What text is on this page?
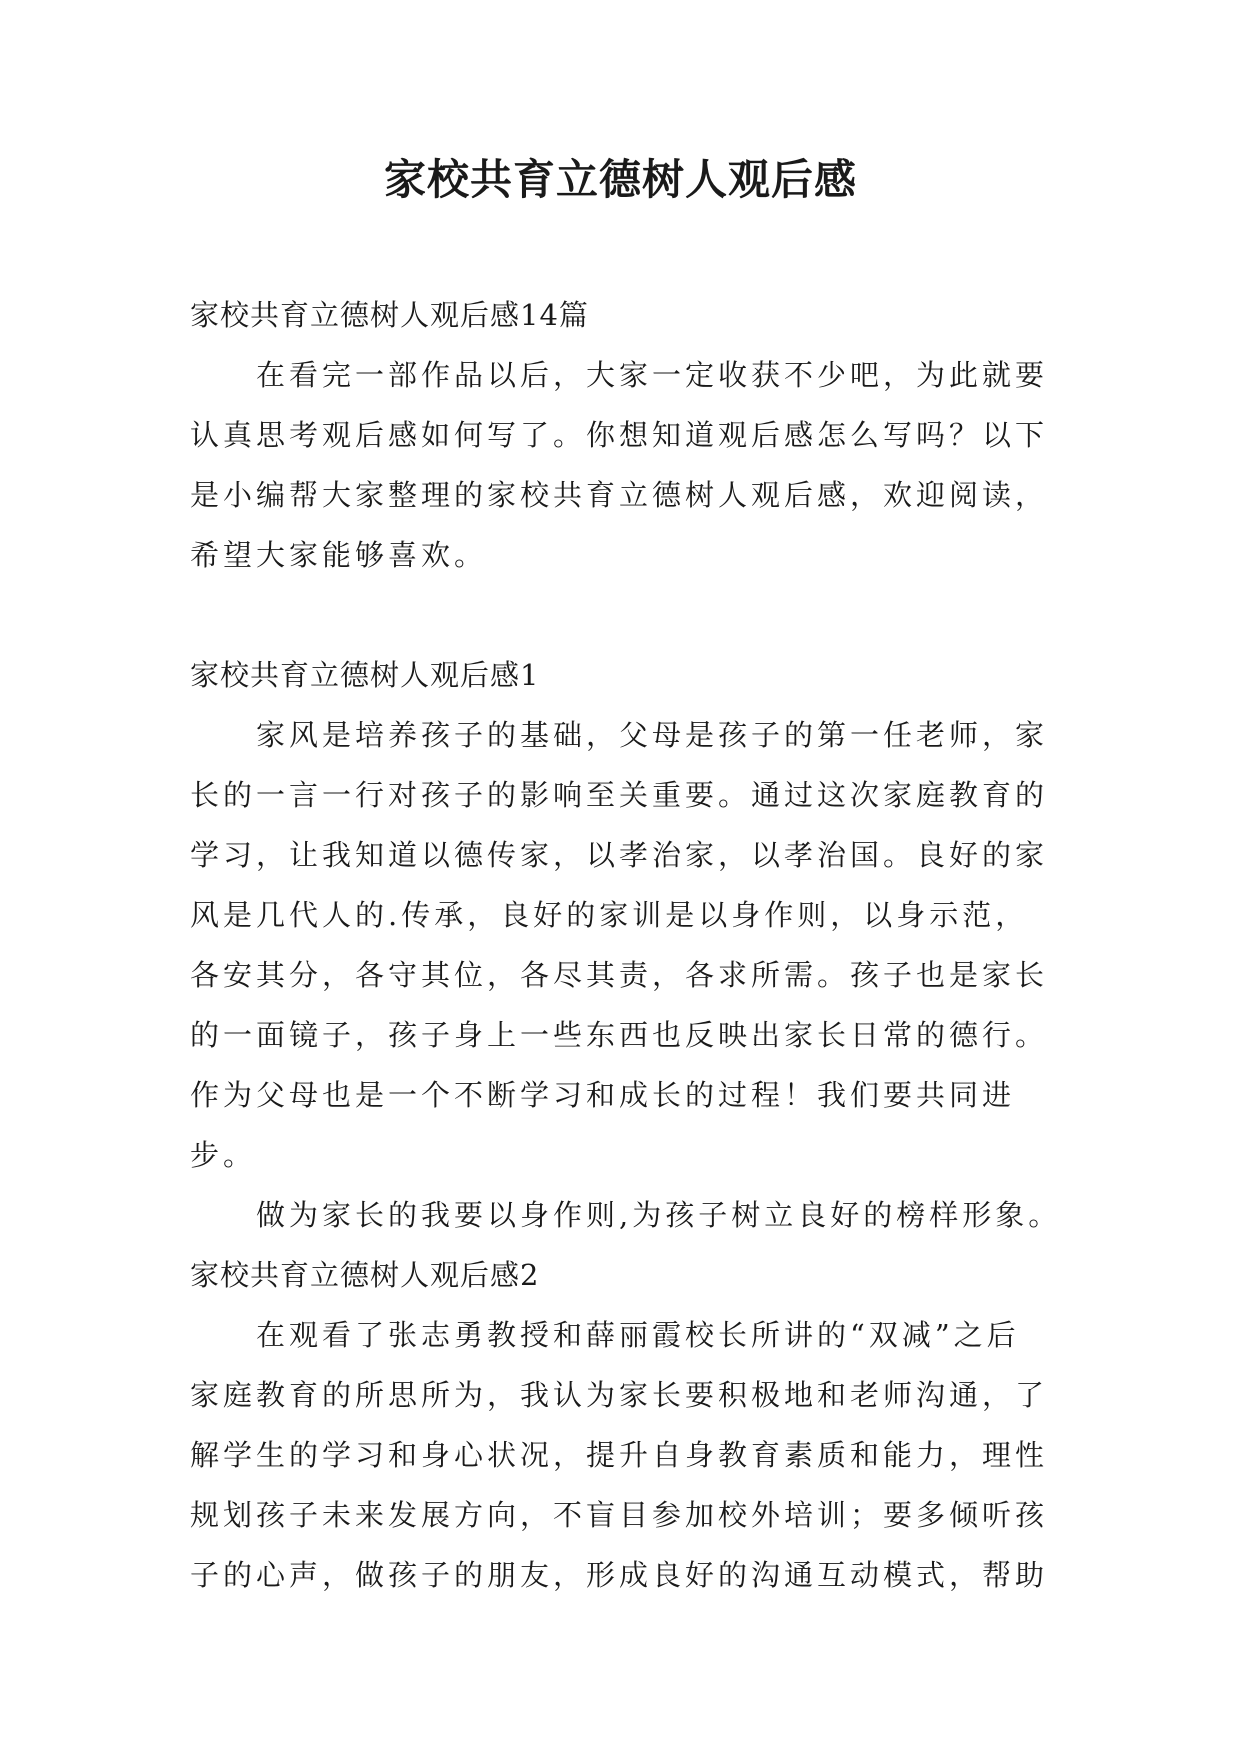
家校共育立德树人观后感
家校共育立德树人观后感14篇
在看完一部作品以后，大家一定收获不少吧，为此就要
认真思考观后感如何写了。你想知道观后感怎么写吗？以下
是小编帮大家整理的家校共育立德树人观后感，欢迎阅读，
希望大家能够喜欢。
家校共育立德树人观后感1
家风是培养孩子的基础，父母是孩子的第一任老师，家
长的一言一行对孩子的影响至关重要。通过这次家庭教育的
学习，让我知道以德传家，以孝治家，以孝治国。良好的家
风是几代人的.传承，良好的家训是以身作则，以身示范，
各安其分，各守其位，各尽其责，各求所需。孩子也是家长
的一面镜子，孩子身上一些东西也反映出家长日常的德行。
作为父母也是一个不断学习和成长的过程！我们要共同进
步。
做为家长的我要以身作则,为孩子树立良好的榜样形象。
家校共育立德树人观后感2
在观看了张志勇教授和薛丽霞校长所讲的“双减”之后
家庭教育的所思所为，我认为家长要积极地和老师沟通，了
解学生的学习和身心状况，提升自身教育素质和能力，理性
规划孩子未来发展方向，不盲目参加校外培训；要多倾听孩
子的心声，做孩子的朋友，形成良好的沟通互动模式，帮助
